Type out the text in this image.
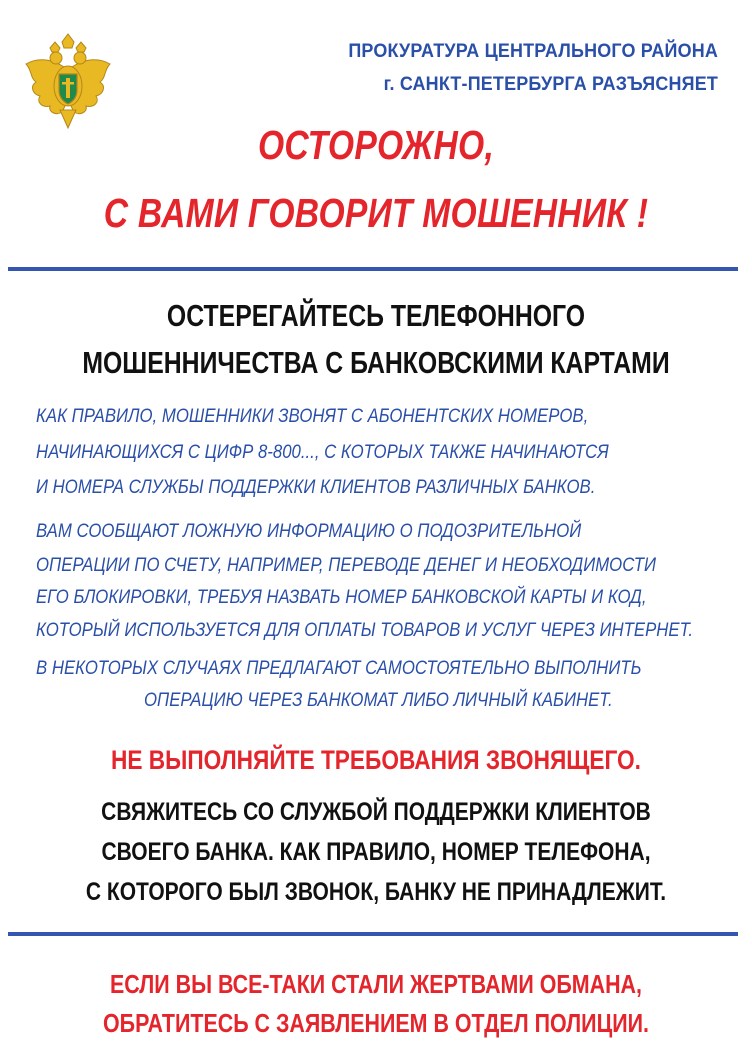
ПРОКУРАТУРА ЦЕНТРАЛЬНОГО РАЙОНА
г. САНКТ-ПЕТЕРБУРГА РАЗЪЯСНЯЕТ
ОСТОРОЖНО,
С ВАМИ ГОВОРИТ МОШЕННИК !
ОСТЕРЕГАЙТЕСЬ ТЕЛЕФОННОГО
МОШЕННИЧЕСТВА С БАНКОВСКИМИ КАРТАМИ
КАК ПРАВИЛО, МОШЕННИКИ ЗВОНЯТ С АБОНЕНТСКИХ НОМЕРОВ,
НАЧИНАЮЩИХСЯ С ЦИФР 8-800..., С КОТОРЫХ ТАКЖЕ НАЧИНАЮТСЯ
И НОМЕРА СЛУЖБЫ ПОДДЕРЖКИ КЛИЕНТОВ РАЗЛИЧНЫХ БАНКОВ.
ВАМ СООБЩАЮТ ЛОЖНУЮ ИНФОРМАЦИЮ О ПОДОЗРИТЕЛЬНОЙ
ОПЕРАЦИИ ПО СЧЕТУ, НАПРИМЕР, ПЕРЕВОДЕ ДЕНЕГ И НЕОБХОДИМОСТИ
ЕГО БЛОКИРОВКИ, ТРЕБУЯ НАЗВАТЬ НОМЕР БАНКОВСКОЙ КАРТЫ И КОД,
КОТОРЫЙ ИСПОЛЬЗУЕТСЯ ДЛЯ ОПЛАТЫ ТОВАРОВ И УСЛУГ ЧЕРЕЗ ИНТЕРНЕТ.
В НЕКОТОРЫХ СЛУЧАЯХ ПРЕДЛАГАЮТ САМОСТОЯТЕЛЬНО ВЫПОЛНИТЬ
ОПЕРАЦИЮ ЧЕРЕЗ БАНКОМАТ ЛИБО ЛИЧНЫЙ КАБИНЕТ.
НЕ ВЫПОЛНЯЙТЕ ТРЕБОВАНИЯ ЗВОНЯЩЕГО.
СВЯЖИТЕСЬ СО СЛУЖБОЙ ПОДДЕРЖКИ КЛИЕНТОВ
СВОЕГО БАНКА. КАК ПРАВИЛО, НОМЕР ТЕЛЕФОНА,
С КОТОРОГО БЫЛ ЗВОНОК, БАНКУ НЕ ПРИНАДЛЕЖИТ.
ЕСЛИ ВЫ ВСЕ-ТАКИ СТАЛИ ЖЕРТВАМИ ОБМАНА,
ОБРАТИТЕСЬ С ЗАЯВЛЕНИЕМ В ОТДЕЛ ПОЛИЦИИ.
